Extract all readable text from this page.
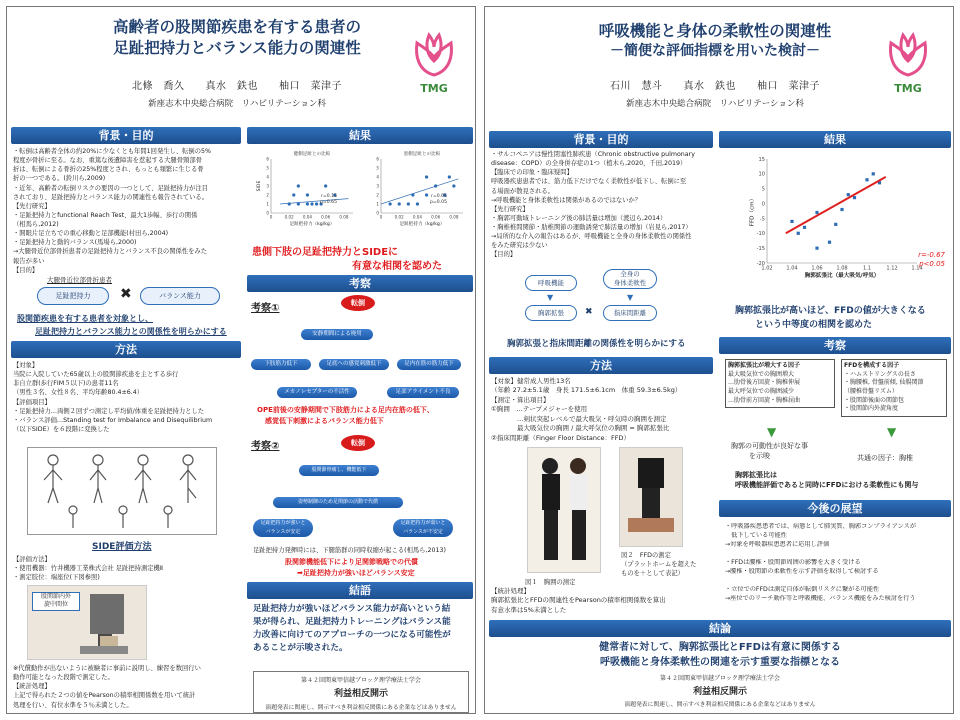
高齢者の股関節疾患を有する患者の
足趾把持力とバランス能力の関連性
北條　喬久　　真水　鉄也　　柚口　菜津子
新座志木中央総合病院　リハビリテーション科
TMG
背景・目的
・転倒は高齢者全体の約20%に少なくとも年間1回発生し、転倒の5%
程度が骨折に至る。なお、重篤な後遺障害を惹起する大腿骨頸部骨
折は、転倒による骨折の25%程度とされ、もっとも頻繁に生じる骨
折の一つである。(鈴川ら,2009)
・近年、高齢者の転倒リスクの要因の一つとして、足趾把持力が注目
されており、足趾把持力とバランス能力の関連性も報告されている。
【先行研究】
・足趾把持力とfunctional Reach Test、最大1歩幅、歩行の関係
（相馬ら,2012)
・開眼片足立ちでの重心移動と足部機能(村田ら,2004)
・足趾把持力と動的バランス(馬場ら,2000)
→大腿骨近位部骨折患者の足趾把持力とバランス不良の関係性をみた
報告が多い
【目的】
大腿骨近位部骨折患者
足趾把持力	✖	バランス能力
股関節疾患を有する患者を対象とし、
足趾把持力とバランス能力との関係性を明らかにする
方法
【対象】
当院に入院していた65歳以上の股関節疾患を主とする歩行
非自立群(歩行FIM５以下)の患者11名
（男性３名、女性８名、平均年齢80.4±6.4）
【評価項目】
・足趾把持力…両側２回ずつ測定し平均値/体重を足趾把持力とした
・バランス評価…Standing test for Imbalance and Disequilibrium
（以下SIDE）を６段階に変換した
SIDE評価方法
【評価方法】
・使用機器：竹井機器工業株式会社 足趾把持測定機Ⅱ
・測定肢位：端座位(下図参照)
股関節内外
旋中間位
※代償動作が出ないように被験者に事前に説明し、練習を数回行い
動作可能となった段階で測定した。
【統計処理】
上記で得られた２つの値をPearsonの積率相関係数を用いて統計
処理を行い、有位水準を５％未満とした。
結果
健側足趾との比較
0	0.02 0.04 0.06 0.08
0
1
2
3
4
5
6
足趾把持力（kg/kg）
SIDE
患側足趾との比較
0	0.02 0.04 0.06 0.08
0
1
2
3
4
5
6
足趾把持力（kg/kg）
r=0.15
p=0.65
r=0.65
p=0.05
患側下肢の足趾把持力とSIDEに
有意な相関を認めた
考察
考察①	転倒
安静期間による廃用
下肢筋力低下	足底への感覚刺激低下	足内在筋の筋力低下
メカノレセプターの不活性	足部アライメント不良
OPE前後の安静期間で下肢筋力による足内在筋の低下、
感覚低下刺激によるバランス能力低下
考察②	転倒
股関節骨痛し、機能低下
姿勢制御のため足関節の活動で代償
足趾把持力が強いと
バランスが安定
足趾把持力が弱いと
バランスが不安定
足趾把持力発揮時には、下腿筋群の同時収縮が起こる(相馬ら,2013)
股関節機能低下により足関節戦略での代償
➡足趾把持力が強いほどバランス安定
結語
足趾把持力が強いほどバランス能力が高いという結
果が得られ、足趾把持力トレーニングはバランス能
力改善に向けてのアプローチの一つになる可能性が
あることが示唆された。
第４２回関東甲信越ブロック理学療法士学会
利益相反開示
演題発表に関連し、開示すべき利益相反関係にある企業などはありません
呼吸機能と身体の柔軟性の関連性
－簡便な評価指標を用いた検討－
石川　慧斗　　真水　鉄也　　柚口　菜津子
新座志木中央総合病院　リハビリテーション科
TMG
背景・目的
・サルコペニアは慢性閉塞性肺疾患（Chronic obstructive pulmonary
disease：COPD）の全身併存症の1つ（植木ら,2020，千田,2019）
【臨床での印象・臨床疑問】
呼吸器疾患患者では、筋力低下だけでなく柔軟性が低下し、転倒に至
る場面が散見される。
→呼吸機能と身体柔軟性は関係があるのではないか？
【先行研究】
・胸郭可動域トレーニング後の肺活量は増加（渡辺ら,2014）
・胸椎椎間関節・肋椎関節の運動誘発で肺活量の増加（岩見ら,2017）
→局所的な介入の報告はあるが、呼吸機能と全身の身体柔軟性の関係性
をみた研究は少ない
【目的】
呼吸機能
全身の
身体柔軟性
胸郭拡張	指床間距離
✖
▼	▼
胸郭拡張と指床間距離の関係性を明らかにする
方法
【対象】健常成人男性13名
（年齢 27.2±5.1歳　身長 171.5±6.1cm　体重 59.3±6.5kg）
【測定・算出項目】
①胸囲　…テープメジャーを使用
　　　　…剣状突起レベルで最大吸気・呼気時の胸囲を測定
　　　　最大吸気位の胸囲 / 最大呼気位の胸囲 = 胸郭拡張比
②指床間距離（Finger Floor Distance：FFD）
図１　胸囲の測定
図２　FFDの測定
（プラットホームを超えた
ものを＋として表記）
【統計処理】
胸郭拡張比とFFDの関連性をPearsonの積率相関係数を算出
有意水準は5%未満とした
結果
1.02	1.04	1.06	1.08	1.1	1.12	1.14
-20
-15
-10
-5
0
5
10
15
胸郭拡張比（最大吸気/呼気）
FFD（cm）
r=-0.67
p<0.05
胸郭拡張比が高いほど、FFDの値が大きくなる
という中等度の相関を認めた
考察
胸郭拡張比が増大する因子
最大吸気位での胸囲増大
…肋骨後方回旋・胸椎伸展
最大呼気位での胸囲減少
…肋骨前方回旋・胸椎屈曲
FFDを構成する因子
・ハムストリングスの長さ
・胸腰椎, 骨盤前傾, 仙腸関節
（腰椎骨盤リズム）
・股関節後面の関節包
・股関節内外旋角度
▼	▼
胸郭の可動性が良好な事
を示唆	共通の因子：胸椎
胸郭拡張比は
呼吸機能評価であると同時にFFDにおける柔軟性にも関与
今後の展望
・呼吸器疾患患者では、病態として肺実質、胸郭コンプライアンスが
　低下している可能性
→対象を呼吸器疾患患者に応用し評価

・FFDは腰椎・股関節周囲の影響を大きく受ける
→腰椎・股関節の柔軟性を示す評価を取得して検討する

・立位でのFFDは測定自体が転倒リスクに繋がる可能性
→座位でのリーチ動作等と呼吸機能、バランス機能をみた検討を行う
結論
健常者に対して、胸郭拡張比とFFDは有意に関係する
呼吸機能と身体柔軟性の関連を示す重要な指標となる
第４２回関東甲信越ブロック理学療法士学会
利益相反開示
演題発表に関連し、開示すべき利益相反関係にある企業などはありません
